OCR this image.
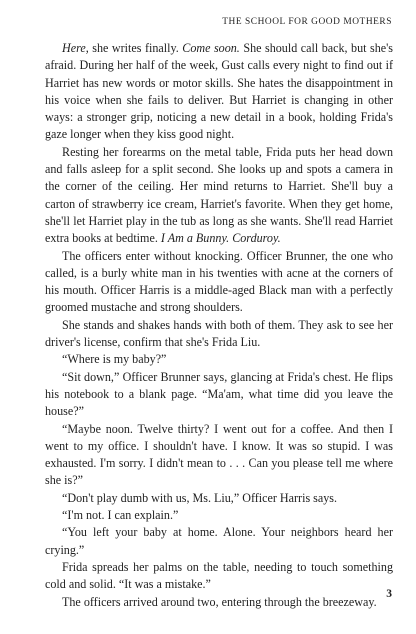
THE SCHOOL FOR GOOD MOTHERS

Here, she writes finally. Come soon. She should call back, but she's afraid. During her half of the week, Gust calls every night to find out if Harriet has new words or motor skills. She hates the disappointment in his voice when she fails to deliver. But Harriet is changing in other ways: a stronger grip, noticing a new detail in a book, holding Frida's gaze longer when they kiss good night.

Resting her forearms on the metal table, Frida puts her head down and falls asleep for a split second. She looks up and spots a camera in the corner of the ceiling. Her mind returns to Harriet. She'll buy a carton of strawberry ice cream, Harriet's favorite. When they get home, she'll let Harriet play in the tub as long as she wants. She'll read Harriet extra books at bedtime. I Am a Bunny. Corduroy.

The officers enter without knocking. Officer Brunner, the one who called, is a burly white man in his twenties with acne at the corners of his mouth. Officer Harris is a middle-aged Black man with a perfectly groomed mustache and strong shoulders.

She stands and shakes hands with both of them. They ask to see her driver's license, confirm that she's Frida Liu.

“Where is my baby?”

“Sit down,” Officer Brunner says, glancing at Frida's chest. He flips his notebook to a blank page. “Ma'am, what time did you leave the house?”

“Maybe noon. Twelve thirty? I went out for a coffee. And then I went to my office. I shouldn't have. I know. It was so stupid. I was exhausted. I'm sorry. I didn't mean to . . . Can you please tell me where she is?”

“Don't play dumb with us, Ms. Liu,” Officer Harris says.

“I'm not. I can explain.”

“You left your baby at home. Alone. Your neighbors heard her crying.”

Frida spreads her palms on the table, needing to touch something cold and solid. “It was a mistake.”

The officers arrived around two, entering through the breezeway.

3
